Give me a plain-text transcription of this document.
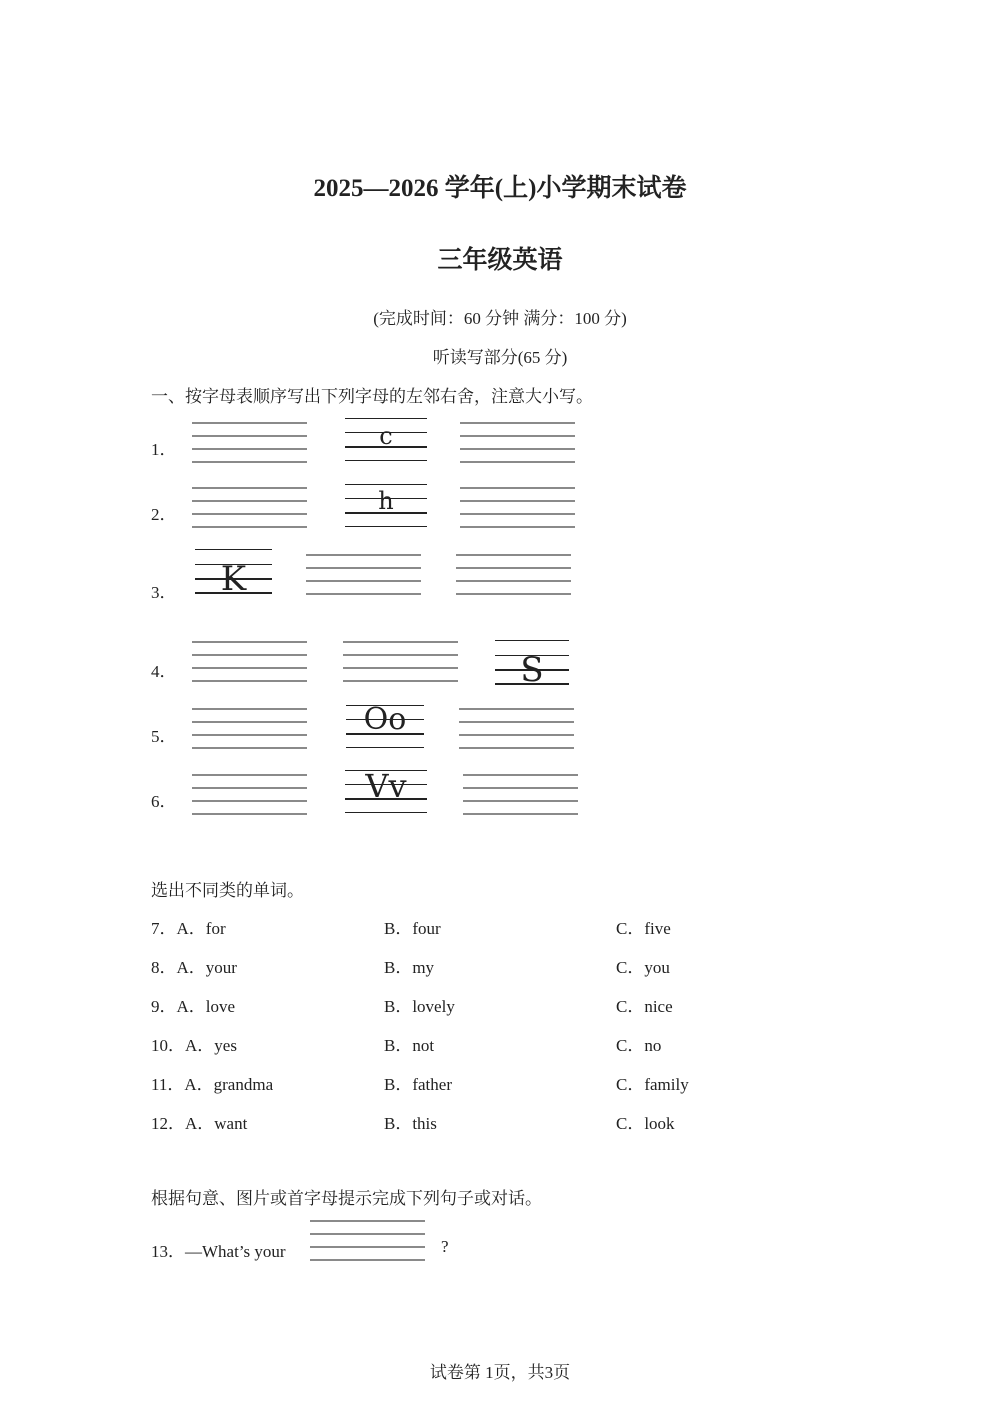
2025—2026 学年(上)小学期末试卷
三年级英语
(完成时间：60 分钟 满分：100 分)
听读写部分(65 分)
一、按字母表顺序写出下列字母的左邻右舍，注意大小写。
1．	c
2．	h
3．	K
4．	S
5．	Oo
6．	Vv
选出不同类的单词。
7．A．for	B．four	C．five
8．A．your	B．my	C．you
9．A．love	B．lovely	C．nice
10．A．yes	B．not	C．no
11．A．grandma	B．father	C．family
12．A．want	B．this	C．look
根据句意、图片或首字母提示完成下列句子或对话。
13．—What’s your	?
试卷第 1页，共3页
